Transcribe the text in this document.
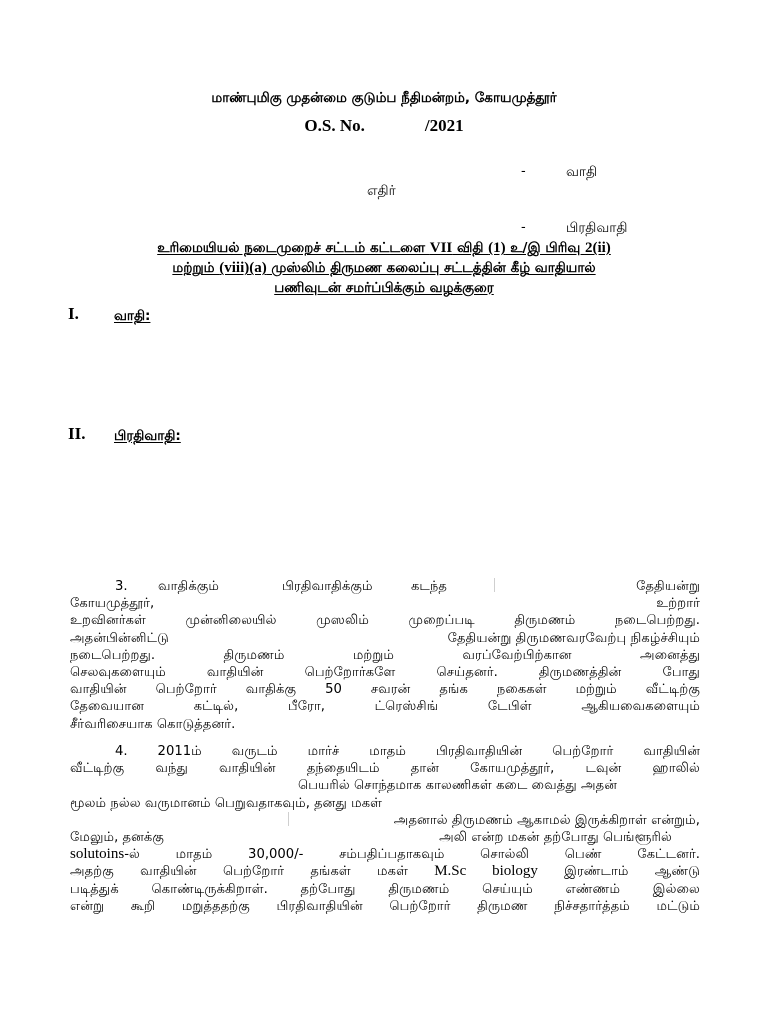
மாண்புமிகு முதன்மை குடும்ப நீதிமன்றம், கோயமுத்தூர்
O.S. No.	/2021
-	வாதி
எதிர்
-	பிரதிவாதி
உரிமையியல் நடைமுறைச் சட்டம் கட்டளை VII விதி (1) உ/இ பிரிவு 2(ii)
மற்றும் (viii)(a) முஸ்லிம் திருமண கலைப்பு சட்டத்தின் கீழ் வாதியால்
பணிவுடன் சமர்ப்பிக்கும் வழக்குரை
I.	வாதி:
II. பிரதிவாதி:
3. வாதிக்கும்	பிரதிவாதிக்கும்	கடந்த	தேதியன்று
கோயமுத்தூர்,	உற்றார்
உறவினர்கள் முன்னிலையில் முஸலிம் முறைப்படி திருமணம் நடைபெற்றது.
அதன்பின்னிட்டு	தேதியன்று திருமணவரவேற்பு நிகழ்ச்சியும்
நடைபெற்றது. திருமணம் மற்றும் வரப்வேற்பிற்கான அனைத்து
செலவுகளையும் வாதியின் பெற்றோர்களே செய்தனர். திருமணத்தின் போது
வாதியின் பெற்றோர் வாதிக்கு 50 சவரன் தங்க நகைகள் மற்றும் வீட்டிற்கு
தேவையான கட்டில், பீரோ, ட்ரெஸ்சிங் டேபிள் ஆகியவைகளையும்
சீர்வரிசையாக கொடுத்தனர்.
4. 2011ம் வருடம் மார்ச் மாதம் பிரதிவாதியின் பெற்றோர் வாதியின்
வீட்டிற்கு வந்து வாதியின் தந்தையிடம் தான் கோயமுத்தூர், டவுன் ஹாலில்
பெயரில் சொந்தமாக காலணிகள் கடை வைத்து அதன்
மூலம் நல்ல வருமானம் பெறுவதாகவும், தனது மகள்
அதனால் திருமணம் ஆகாமல் இருக்கிறாள் என்றும்,
மேலும், தனக்கு	அலி என்ற மகன் தற்போது பெங்ளூரில்
solutoins-ல் மாதம் 30,000/- சம்பதிப்பதாகவும் சொல்லி பெண் கேட்டனர்.
அதற்கு வாதியின் பெற்றோர் தங்கள் மகள் M.Sc biology இரண்டாம் ஆண்டு
படித்துக் கொண்டிருக்கிறாள். தற்போது திருமணம் செய்யும் எண்ணம் இல்லை
என்று கூறி மறுத்ததற்கு பிரதிவாதியின் பெற்றோர் திருமண நிச்சதார்த்தம் மட்டும்
